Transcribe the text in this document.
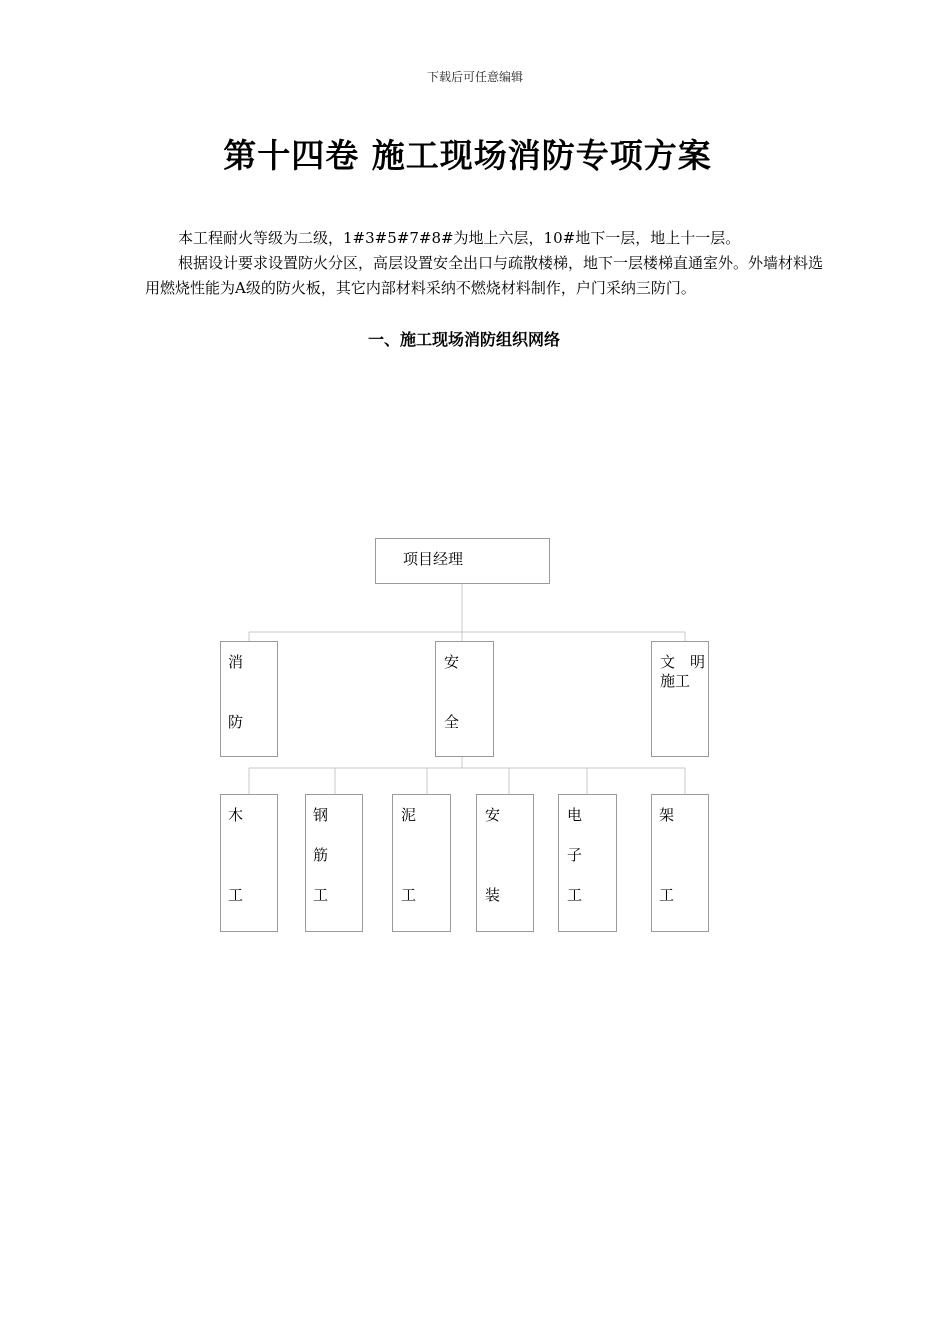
下载后可任意编辑
第十四卷 施工现场消防专项方案

本工程耐火等级为二级，1#3#5#7#8#为地上六层，10#地下一层，地上十一层。

根据设计要求设置防火分区，高层设置安全出口与疏散楼梯，地下一层楼梯直通室外。外墙材料选用燃烧性能为A级的防火板，其它内部材料采纳不燃烧材料制作，户门采纳三防门。

一、施工现场消防组织网络
项目经理
消
防
安
全
文　明
施工
木
工
钢
筋
工
泥
工
安
装
电
子
工
架
工
